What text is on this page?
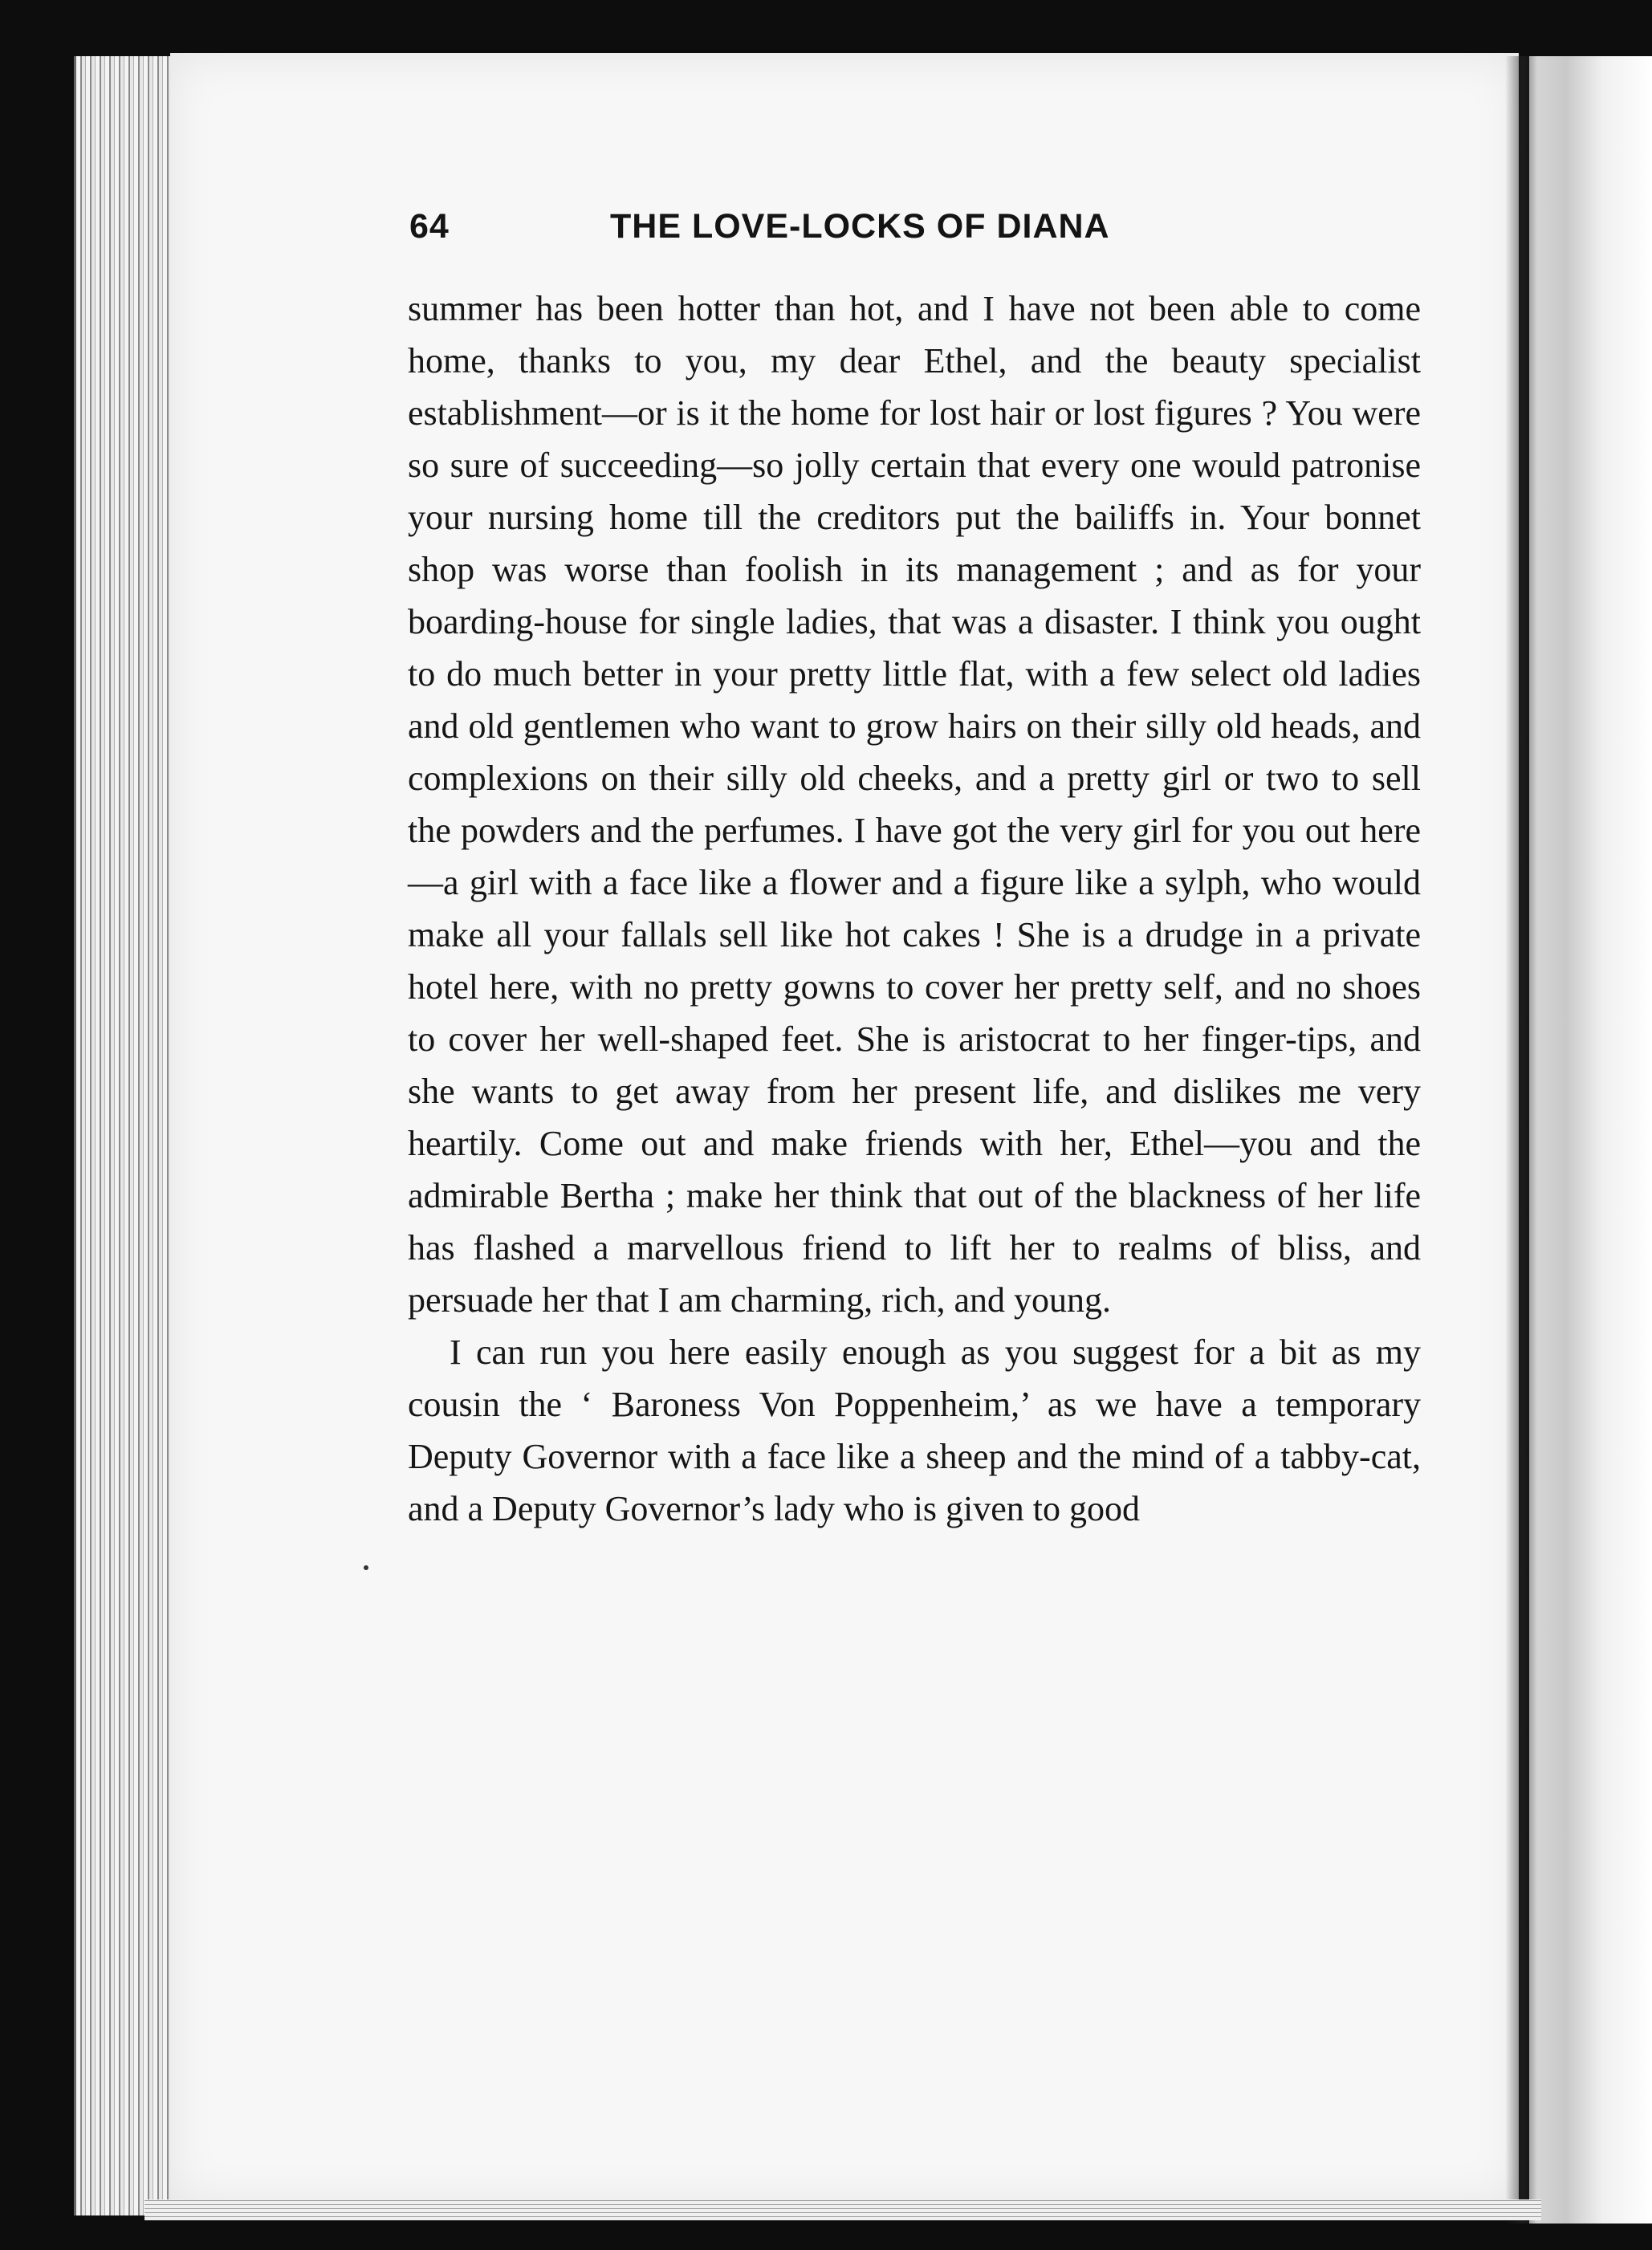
64	THE LOVE-LOCKS OF DIANA

summer has been hotter than hot, and I have not been able to come home, thanks to you, my dear Ethel, and the beauty specialist establishment—or is it the home for lost hair or lost figures ? You were so sure of succeeding—so jolly certain that every one would patronise your nursing home till the creditors put the bailiffs in. Your bonnet shop was worse than foolish in its management ; and as for your boarding-house for single ladies, that was a disaster. I think you ought to do much better in your pretty little flat, with a few select old ladies and old gentlemen who want to grow hairs on their silly old heads, and complexions on their silly old cheeks, and a pretty girl or two to sell the powders and the perfumes. I have got the very girl for you out here—a girl with a face like a flower and a figure like a sylph, who would make all your fallals sell like hot cakes ! She is a drudge in a private hotel here, with no pretty gowns to cover her pretty self, and no shoes to cover her well-shaped feet. She is aristocrat to her finger-tips, and she wants to get away from her present life, and dislikes me very heartily. Come out and make friends with her, Ethel—you and the admirable Bertha ; make her think that out of the blackness of her life has flashed a marvellous friend to lift her to realms of bliss, and persuade her that I am charming, rich, and young.

I can run you here easily enough as you suggest for a bit as my cousin the ‘ Baroness Von Poppenheim,’ as we have a temporary Deputy Governor with a face like a sheep and the mind of a tabby-cat, and a Deputy Governor’s lady who is given to good
